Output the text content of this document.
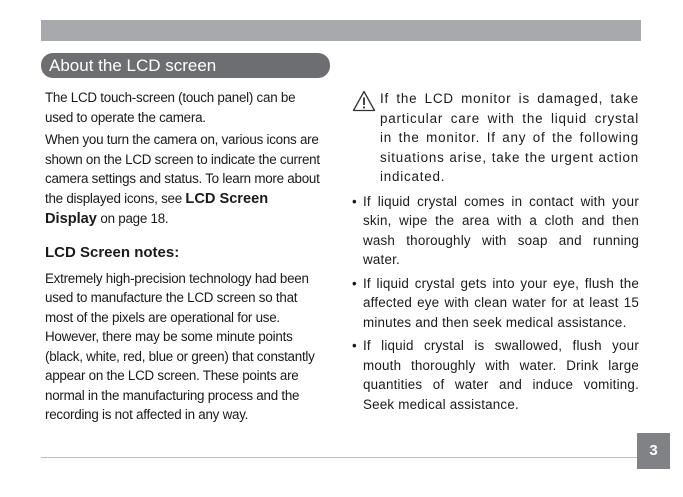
About the LCD screen

The LCD touch-screen (touch panel) can be used to operate the camera.

When you turn the camera on, various icons are shown on the LCD screen to indicate the current camera settings and status. To learn more about the displayed icons, see LCD Screen Display on page 18.

LCD Screen notes:

Extremely high-precision technology had been used to manufacture the LCD screen so that most of the pixels are operational for use. However, there may be some minute points (black, white, red, blue or green) that constantly appear on the LCD screen. These points are normal in the manufacturing process and the recording is not affected in any way.

If the LCD monitor is damaged, take particular care with the liquid crystal in the monitor. If any of the following situations arise, take the urgent action indicated.

• If liquid crystal comes in contact with your skin, wipe the area with a cloth and then wash thoroughly with soap and running water.
• If liquid crystal gets into your eye, flush the affected eye with clean water for at least 15 minutes and then seek medical assistance.
• If liquid crystal is swallowed, flush your mouth thoroughly with water. Drink large quantities of water and induce vomiting. Seek medical assistance.
3
